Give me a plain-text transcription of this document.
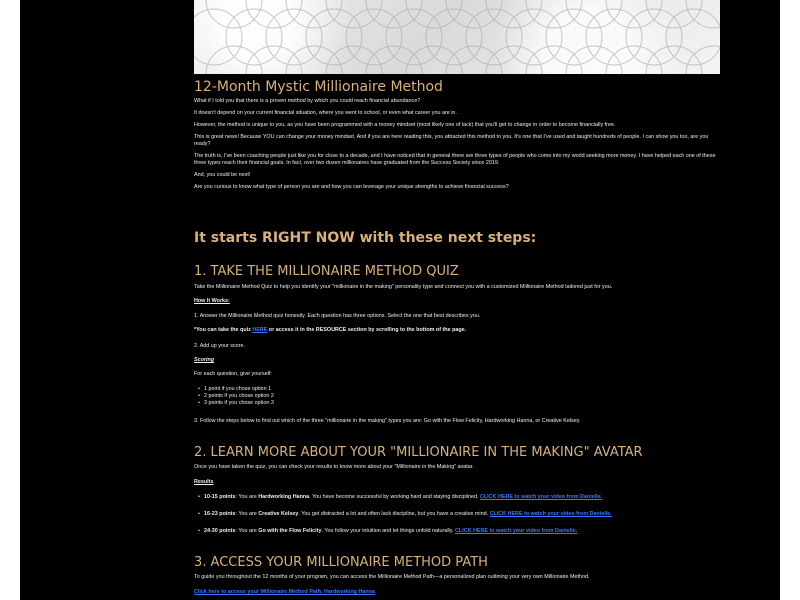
12-Month Mystic Millionaire Method
What if I told you that there is a proven method by which you could reach financial abundance?
It doesn't depend on your current financial situation, where you went to school, or even what career you are in.
However, the method is unique to you, as you have been programmed with a money mindset (most likely one of lack) that you'll get to change in order to become financially free.
This is great news! Because YOU can change your money mindset. And if you are here reading this, you attracted this method to you. It's one that I've used and taught hundreds of people. I can show you too, are you ready?
The truth is, I've been coaching people just like you for close to a decade, and I have noticed that in general there are three types of people who come into my world seeking more money. I have helped each one of these three types reach their financial goals. In fact, over two dozen millionaires have graduated from the Success Society since 2019.
And, you could be next!
Are you curious to know what type of person you are and how you can leverage your unique strengths to achieve financial success?
It starts RIGHT NOW with these next steps:
1. TAKE THE MILLIONAIRE METHOD QUIZ
Take the Millionaire Method Quiz to help you identify your "millionaire in the making" personality type and connect you with a customized Millionaire Method tailored just for you.
How It Works:
1. Answer the Millionaire Method quiz honestly. Each question has three options. Select the one that best describes you.
*You can take the quiz HERE or access it in the RESOURCE section by scrolling to the bottom of the page.
2. Add up your score.
Scoring
For each question, give yourself:
• 1 point if you chose option 1
• 2 points if you chose option 2
• 3 points if you chose option 3
3. Follow the steps below to find out which of the three "millionaire in the making" types you are: Go with the Flow Felicity, Hardworking Hanna, or Creative Kelsey.
2. LEARN MORE ABOUT YOUR "MILLIONAIRE IN THE MAKING" AVATAR
Once you have taken the quiz, you can check your results to know more about your "Millionaire in the Making" avatar.
Results
• 10-15 points: You are Hardworking Hanna. You have become successful by working hard and staying disciplined. CLICK HERE to watch your video from Danielle.
• 16-23 points: You are Creative Kelsey. You get distracted a lot and often lack discipline, but you have a creative mind. CLICK HERE to watch your video from Danielle.
• 24-30 points: You are Go with the Flow Felicity. You follow your intuition and let things unfold naturally. CLICK HERE to watch your video from Danielle.
3. ACCESS YOUR MILLIONAIRE METHOD PATH
To guide you throughout the 12 months of your program, you can access the Millionaire Method Path—a personalized plan outlining your very own Millionaire Method.
Click here to access your Millionaire Method Path, Hardworking Hanna
